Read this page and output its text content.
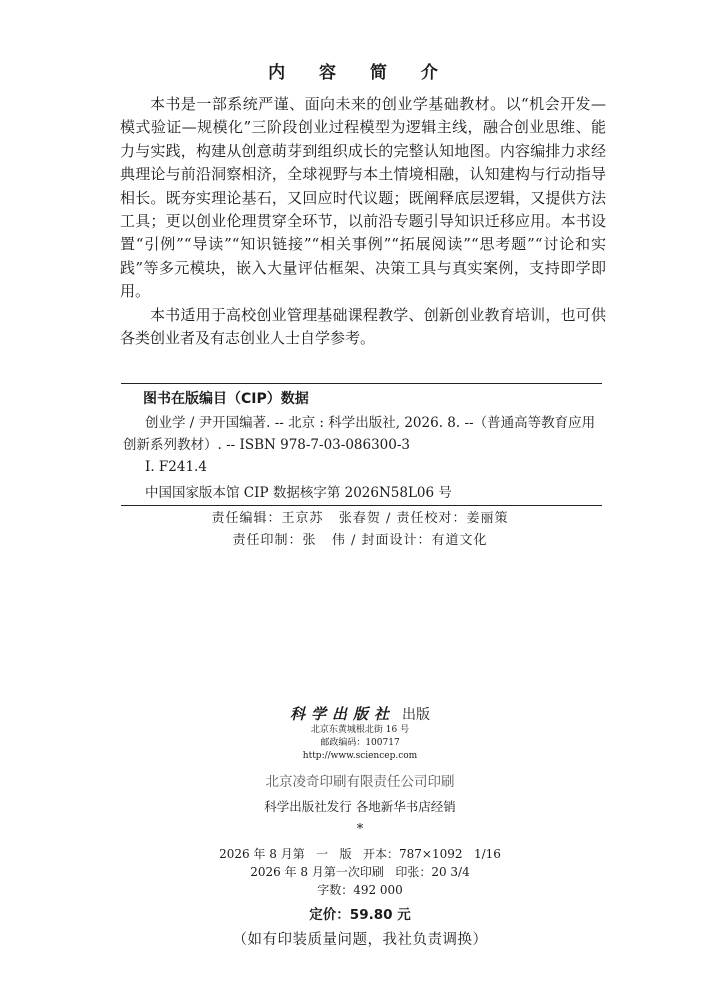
内 容 简 介

本书是一部系统严谨、面向未来的创业学基础教材。以“机会开发—模式验证—规模化”三阶段创业过程模型为逻辑主线，融合创业思维、能力与实践，构建从创意萌芽到组织成长的完整认知地图。内容编排力求经典理论与前沿洞察相济，全球视野与本土情境相融，认知建构与行动指导相长。既夯实理论基石，又回应时代议题；既阐释底层逻辑，又提供方法工具；更以创业伦理贯穿全环节，以前沿专题引导知识迁移应用。本书设置“引例”“导读”“知识链接”“相关事例”“拓展阅读”“思考题”“讨论和实践”等多元模块，嵌入大量评估框架、决策工具与真实案例，支持即学即用。

本书适用于高校创业管理基础课程教学、创新创业教育培训，也可供各类创业者及有志创业人士自学参考。

图书在版编目（CIP）数据

创业学 / 尹开国编著. -- 北京 : 科学出版社, 2026. 8. --（普通高等教育应用创新系列教材）. -- ISBN 978-7-03-086300-3

Ⅰ. F241.4

中国国家版本馆 CIP 数据核字第 2026N58L06 号

责任编辑：王京苏   张春贺 / 责任校对：姜丽策
责任印制：张   伟 / 封面设计：有道文化
科学出版社 出版
北京东黄城根北街 16 号
邮政编码：100717
http://www.sciencep.com
北京凌奇印刷有限责任公司印刷
科学出版社发行 各地新华书店经销
*
2026 年 8 月第   一   版   开本：787×1092   1/16
2026 年 8 月第一次印刷   印张：20 3/4
字数：492 000
定价：59.80 元
（如有印装质量问题，我社负责调换）
